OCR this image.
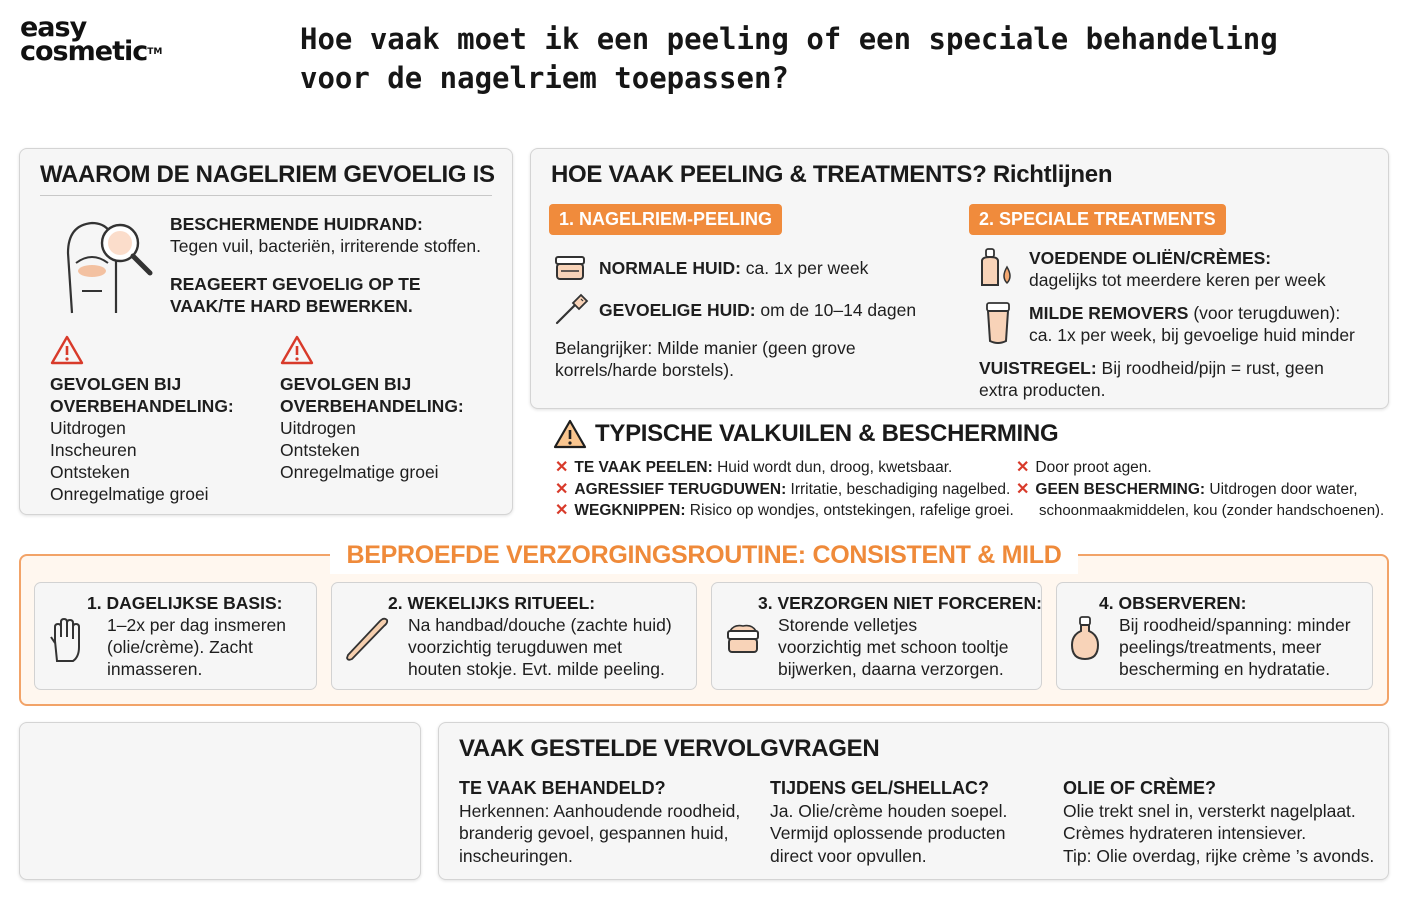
easy
cosmetic™	Hoe vaak moet ik een peeling of een speciale behandeling
voor de nagelriem toepassen?
WAAROM DE NAGELRIEM GEVOELIG IS
BESCHERMENDE HUIDRAND:
Tegen vuil, bacteriën, irriterende stoffen.
REAGEERT GEVOELIG OP TE
VAAK/TE HARD BEWERKEN.
GEVOLGEN BIJ
OVERBEHANDELING:
Uitdrogen
Inscheuren
Ontsteken
Onregelmatige groei
GEVOLGEN BIJ
OVERBEHANDELING:
Uitdrogen
Ontsteken
Onregelmatige groei
HOE VAAK PEELING & TREATMENTS? Richtlijnen
1. NAGELRIEM-PEELING	2. SPECIALE TREATMENTS
NORMALE HUID: ca. 1x per week
GEVOELIGE HUID: om de 10–14 dagen
Belangrijker: Milde manier (geen grove
korrels/harde borstels).
VOEDENDE OLIËN/CRÈMES:
dagelijks tot meerdere keren per week
MILDE REMOVERS (voor terugduwen):
ca. 1x per week, bij gevoelige huid minder
VUISTREGEL: Bij roodheid/pijn = rust, geen
extra producten.
TYPISCHE VALKUILEN & BESCHERMING
✕ TE VAAK PEELEN: Huid wordt dun, droog, kwetsbaar.
✕ AGRESSIEF TERUGDUWEN: Irritatie, beschadiging nagelbed.
✕ WEGKNIPPEN: Risico op wondjes, ontstekingen, rafelige groei.
✕ Door proot agen.
✕ GEEN BESCHERMING: Uitdrogen door water,
schoonmaakmiddelen, kou (zonder handschoenen).
BEPROEFDE VERZORGINGSROUTINE: CONSISTENT & MILD
1. DAGELIJKSE BASIS:
1–2x per dag insmeren
(olie/crème). Zacht
inmasseren.
2. WEKELIJKS RITUEEL:
Na handbad/douche (zachte huid)
voorzichtig terugduwen met
houten stokje. Evt. milde peeling.
3. VERZORGEN NIET FORCEREN:
Storende velletjes
voorzichtig met schoon tooltje
bijwerken, daarna verzorgen.
4. OBSERVEREN:
Bij roodheid/spanning: minder
peelings/treatments, meer
bescherming en hydratatie.
VAAK GESTELDE VERVOLGVRAGEN
TE VAAK BEHANDELD?
Herkennen: Aanhoudende roodheid,
branderig gevoel, gespannen huid,
inscheuringen.
TIJDENS GEL/SHELLAC?
Ja. Olie/crème houden soepel.
Vermijd oplossende producten
direct voor opvullen.
OLIE OF CRÈME?
Olie trekt snel in, versterkt nagelplaat.
Crèmes hydrateren intensiever.
Tip: Olie overdag, rijke crème ’s avonds.
